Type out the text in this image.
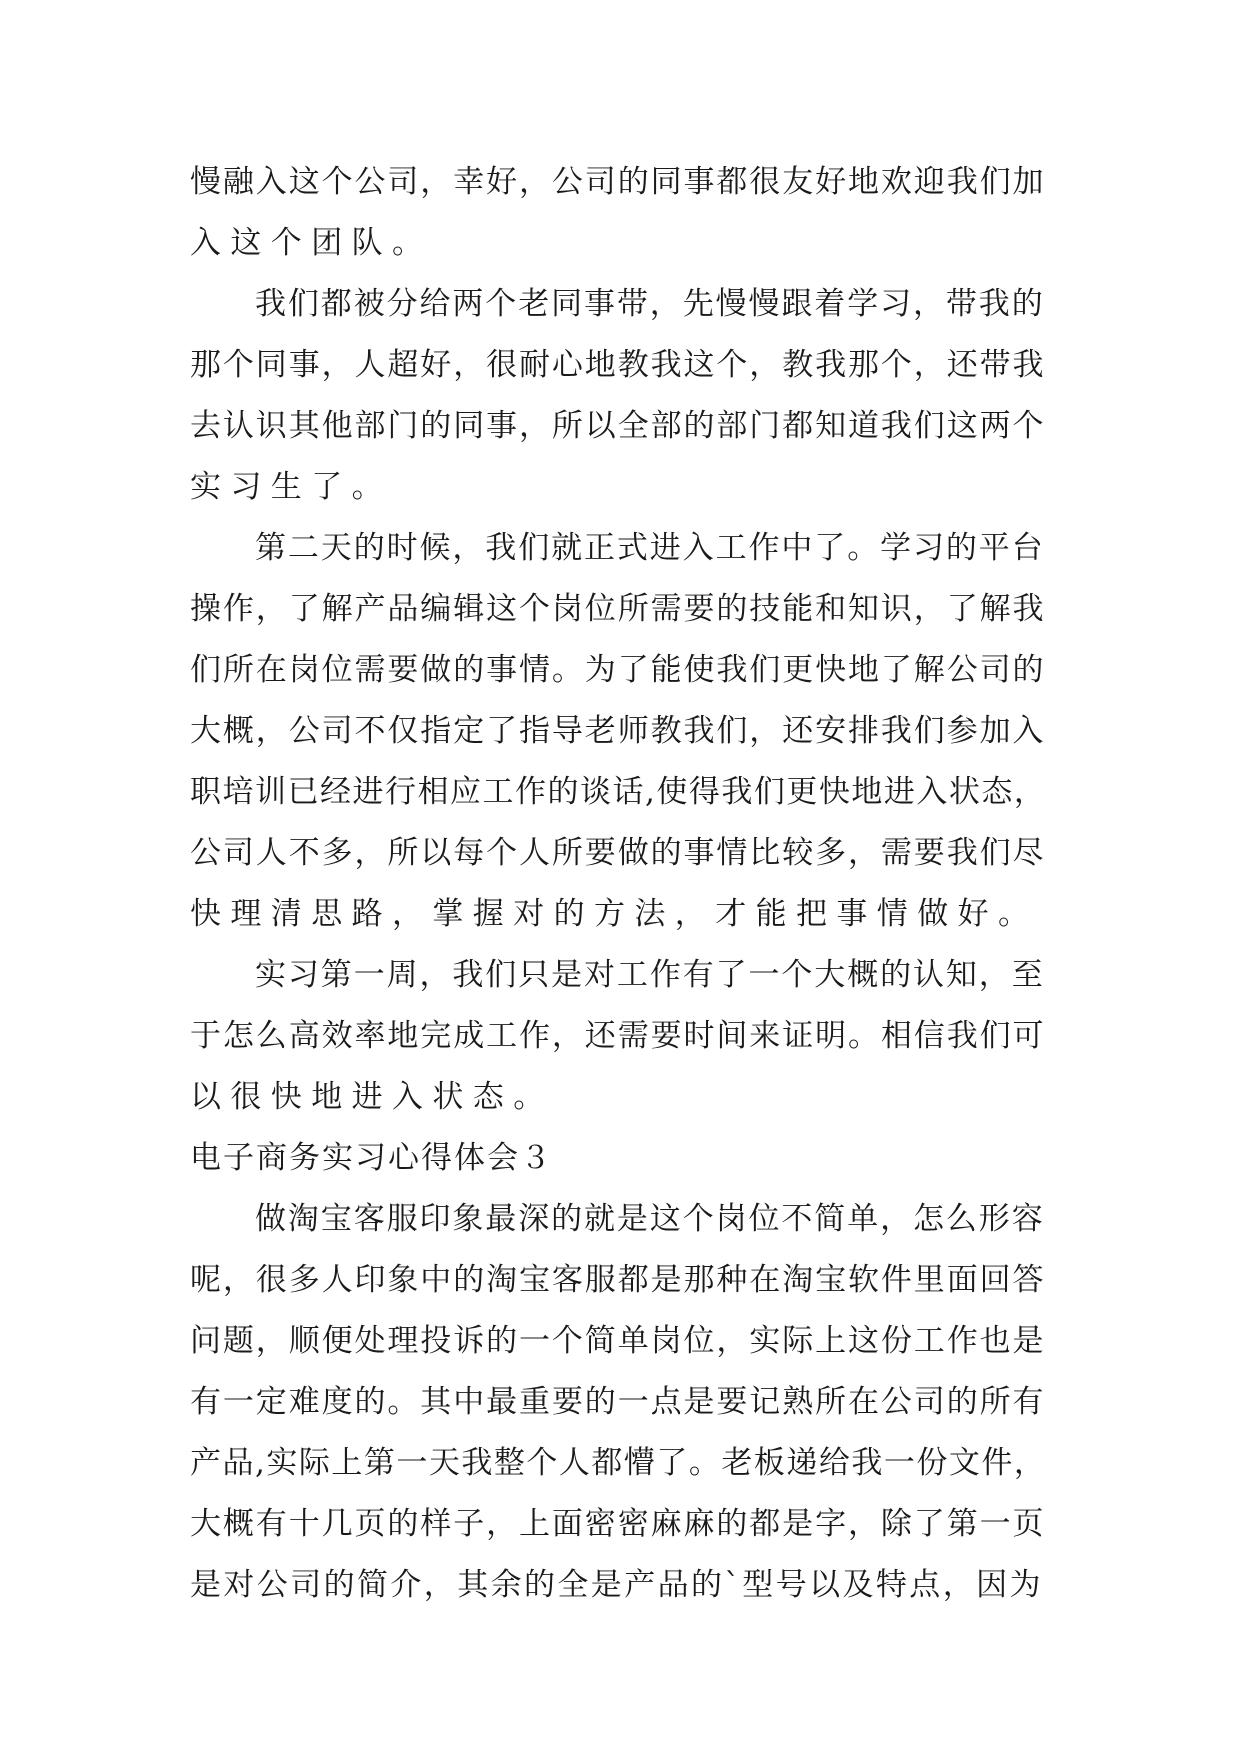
慢融入这个公司，幸好，公司的同事都很友好地欢迎我们加
入这个团队。
我们都被分给两个老同事带，先慢慢跟着学习，带我的
那个同事，人超好，很耐心地教我这个，教我那个，还带我
去认识其他部门的同事，所以全部的部门都知道我们这两个
实习生了。
第二天的时候，我们就正式进入工作中了。学习的平台
操作，了解产品编辑这个岗位所需要的技能和知识，了解我
们所在岗位需要做的事情。为了能使我们更快地了解公司的
大概，公司不仅指定了指导老师教我们，还安排我们参加入
职培训已经进行相应工作的谈话,使得我们更快地进入状态，
公司人不多，所以每个人所要做的事情比较多，需要我们尽
快理清思路，掌握对的方法，才能把事情做好。
实习第一周，我们只是对工作有了一个大概的认知，至
于怎么高效率地完成工作，还需要时间来证明。相信我们可
以很快地进入状态。
电子商务实习心得体会３
做淘宝客服印象最深的就是这个岗位不简单，怎么形容
呢，很多人印象中的淘宝客服都是那种在淘宝软件里面回答
问题，顺便处理投诉的一个简单岗位，实际上这份工作也是
有一定难度的。其中最重要的一点是要记熟所在公司的所有
产品,实际上第一天我整个人都懵了。老板递给我一份文件，
大概有十几页的样子，上面密密麻麻的都是字，除了第一页
是对公司的简介，其余的全是产品的`型号以及特点，因为
